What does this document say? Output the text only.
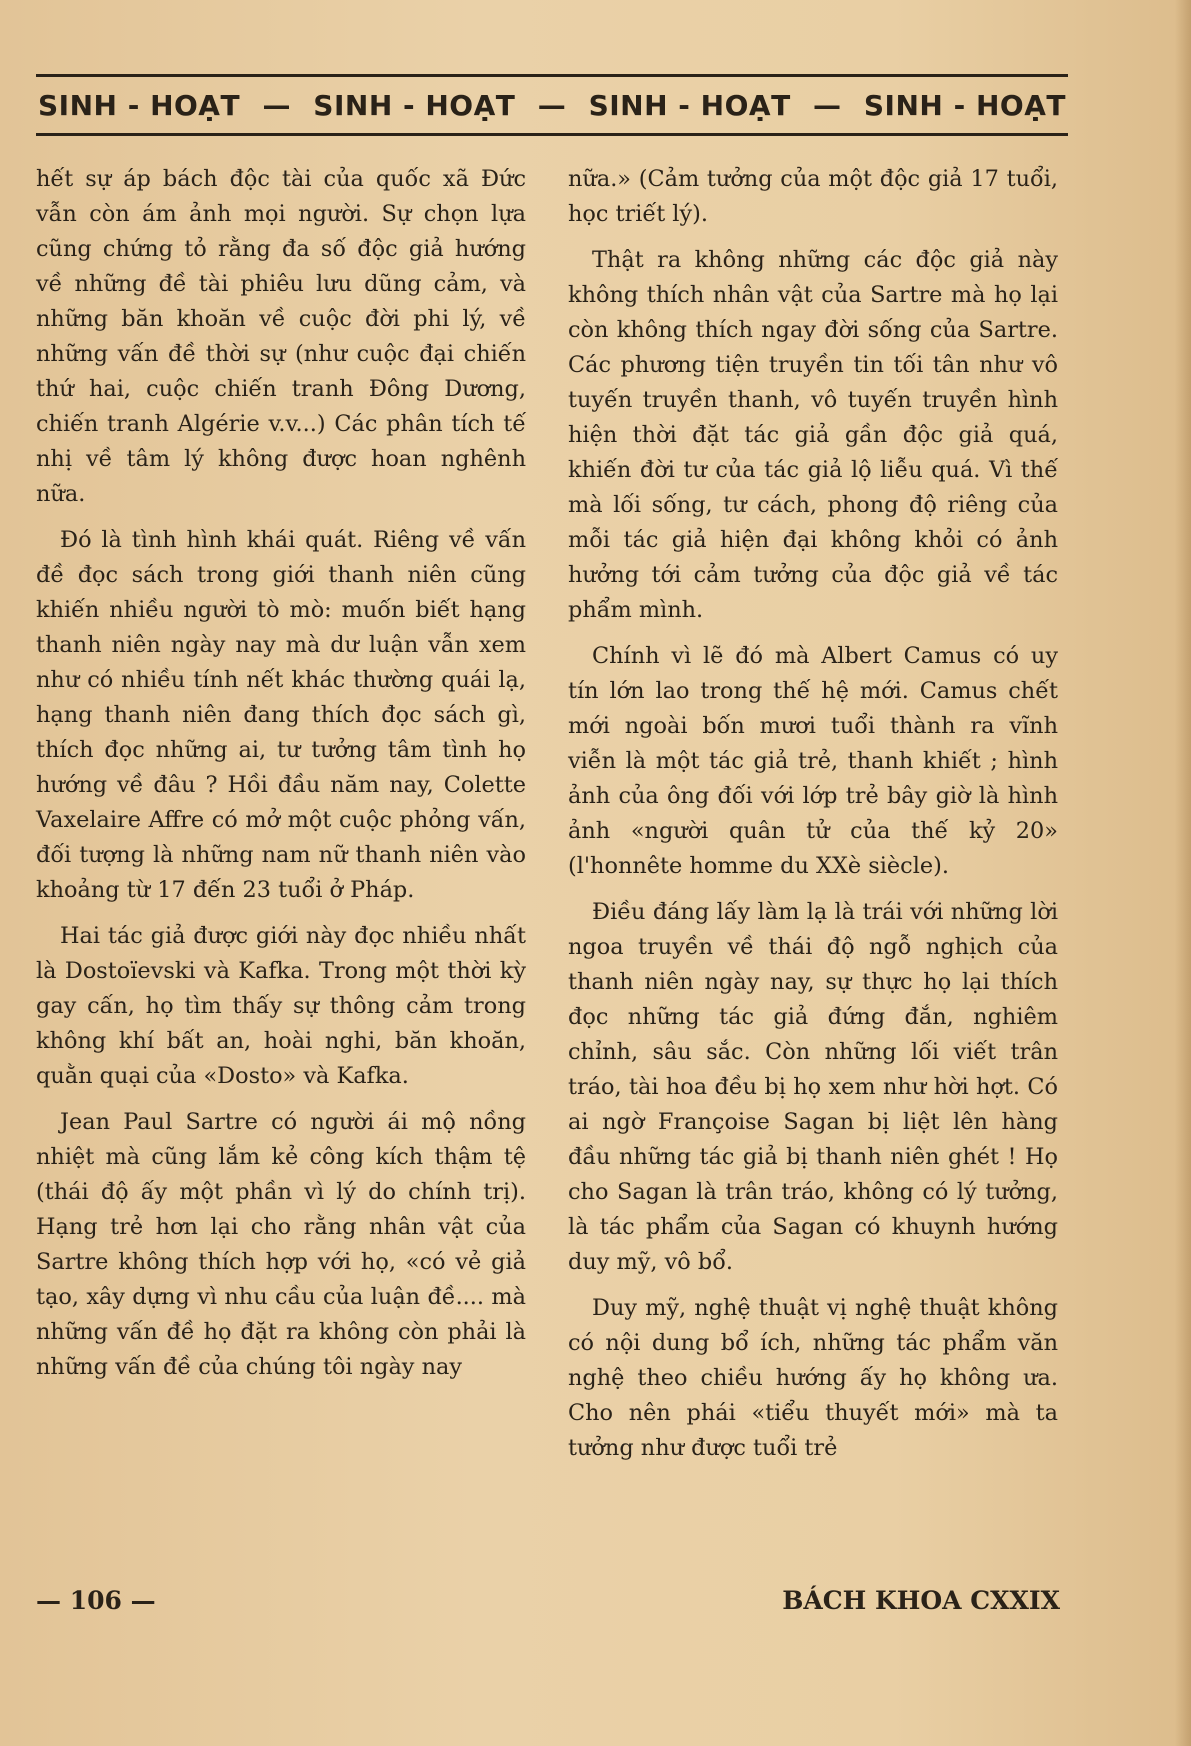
SINH - HOẠT — SINH - HOẠT — SINH - HOẠT — SINH - HOẠT

hết sự áp bách độc tài của quốc xã Đức vẫn còn ám ảnh mọi người. Sự chọn lựa cũng chứng tỏ rằng đa số độc giả hướng về những đề tài phiêu lưu dũng cảm, và những băn khoăn về cuộc đời phi lý, về những vấn đề thời sự (như cuộc đại chiến thứ hai, cuộc chiến tranh Đông Dương, chiến tranh Algérie v.v...) Các phân tích tế nhị về tâm lý không được hoan nghênh nữa.

Đó là tình hình khái quát. Riêng về vấn đề đọc sách trong giới thanh niên cũng khiến nhiều người tò mò: muốn biết hạng thanh niên ngày nay mà dư luận vẫn xem như có nhiều tính nết khác thường quái lạ, hạng thanh niên đang thích đọc sách gì, thích đọc những ai, tư tưởng tâm tình họ hướng về đâu ? Hồi đầu năm nay, Colette Vaxelaire Affre có mở một cuộc phỏng vấn, đối tượng là những nam nữ thanh niên vào khoảng từ 17 đến 23 tuổi ở Pháp.

Hai tác giả được giới này đọc nhiều nhất là Dostoïevski và Kafka. Trong một thời kỳ gay cấn, họ tìm thấy sự thông cảm trong không khí bất an, hoài nghi, băn khoăn, quằn quại của «Dosto» và Kafka.

Jean Paul Sartre có người ái mộ nồng nhiệt mà cũng lắm kẻ công kích thậm tệ (thái độ ấy một phần vì lý do chính trị). Hạng trẻ hơn lại cho rằng nhân vật của Sartre không thích hợp với họ, «có vẻ giả tạo, xây dựng vì nhu cầu của luận đề.... mà những vấn đề họ đặt ra không còn phải là những vấn đề của chúng tôi ngày nay

nữa.» (Cảm tưởng của một độc giả 17 tuổi, học triết lý).

Thật ra không những các độc giả này không thích nhân vật của Sartre mà họ lại còn không thích ngay đời sống của Sartre. Các phương tiện truyền tin tối tân như vô tuyến truyền thanh, vô tuyến truyền hình hiện thời đặt tác giả gần độc giả quá, khiến đời tư của tác giả lộ liễu quá. Vì thế mà lối sống, tư cách, phong độ riêng của mỗi tác giả hiện đại không khỏi có ảnh hưởng tới cảm tưởng của độc giả về tác phẩm mình.

Chính vì lẽ đó mà Albert Camus có uy tín lớn lao trong thế hệ mới. Camus chết mới ngoài bốn mươi tuổi thành ra vĩnh viễn là một tác giả trẻ, thanh khiết ; hình ảnh của ông đối với lớp trẻ bây giờ là hình ảnh «người quân tử của thế kỷ 20» (l'honnête homme du XXè siècle).

Điều đáng lấy làm lạ là trái với những lời ngoa truyền về thái độ ngỗ nghịch của thanh niên ngày nay, sự thực họ lại thích đọc những tác giả đứng đắn, nghiêm chỉnh, sâu sắc. Còn những lối viết trân tráo, tài hoa đều bị họ xem như hời hợt. Có ai ngờ Françoise Sagan bị liệt lên hàng đầu những tác giả bị thanh niên ghét ! Họ cho Sagan là trân tráo, không có lý tưởng, là tác phẩm của Sagan có khuynh hướng duy mỹ, vô bổ.

Duy mỹ, nghệ thuật vị nghệ thuật không có nội dung bổ ích, những tác phẩm văn nghệ theo chiều hướng ấy họ không ưa. Cho nên phái «tiểu thuyết mới» mà ta tưởng như được tuổi trẻ

— 106 —	BÁCH KHOA CXXIX
